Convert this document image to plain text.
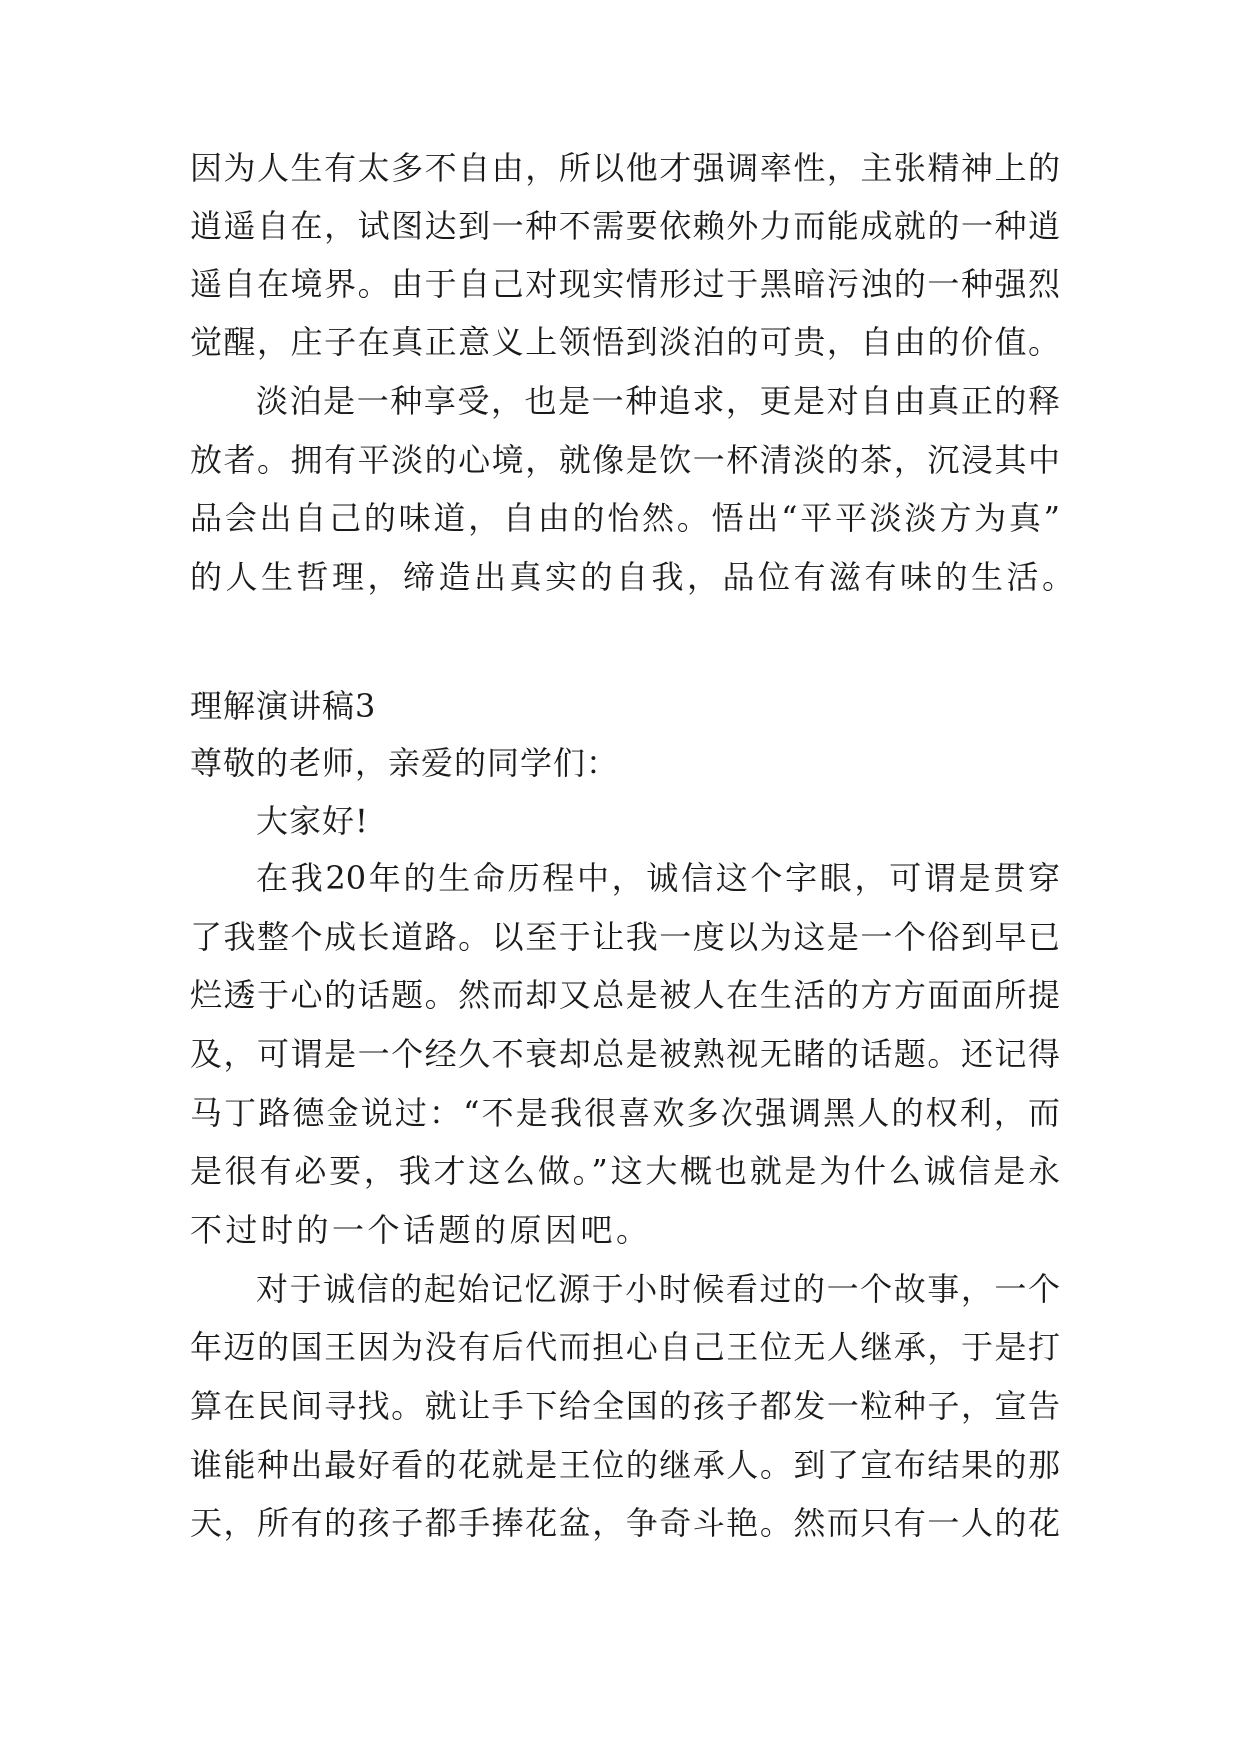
因为人生有太多不自由，所以他才强调率性，主张精神上的
逍遥自在，试图达到一种不需要依赖外力而能成就的一种逍
遥自在境界。由于自己对现实情形过于黑暗污浊的一种强烈
觉醒，庄子在真正意义上领悟到淡泊的可贵，自由的价值。
淡泊是一种享受，也是一种追求，更是对自由真正的释
放者。拥有平淡的心境，就像是饮一杯清淡的茶，沉浸其中
品会出自己的味道，自由的怡然。悟出“平平淡淡方为真”
的人生哲理，缔造出真实的自我，品位有滋有味的生活。
理解演讲稿3
尊敬的老师，亲爱的同学们：
大家好!
在我20年的生命历程中，诚信这个字眼，可谓是贯穿
了我整个成长道路。以至于让我一度以为这是一个俗到早已
烂透于心的话题。然而却又总是被人在生活的方方面面所提
及，可谓是一个经久不衰却总是被熟视无睹的话题。还记得
马丁路德金说过：“不是我很喜欢多次强调黑人的权利，而
是很有必要，我才这么做。”这大概也就是为什么诚信是永
不过时的一个话题的原因吧。
对于诚信的起始记忆源于小时候看过的一个故事，一个
年迈的国王因为没有后代而担心自己王位无人继承，于是打
算在民间寻找。就让手下给全国的孩子都发一粒种子，宣告
谁能种出最好看的花就是王位的继承人。到了宣布结果的那
天，所有的孩子都手捧花盆，争奇斗艳。然而只有一人的花
